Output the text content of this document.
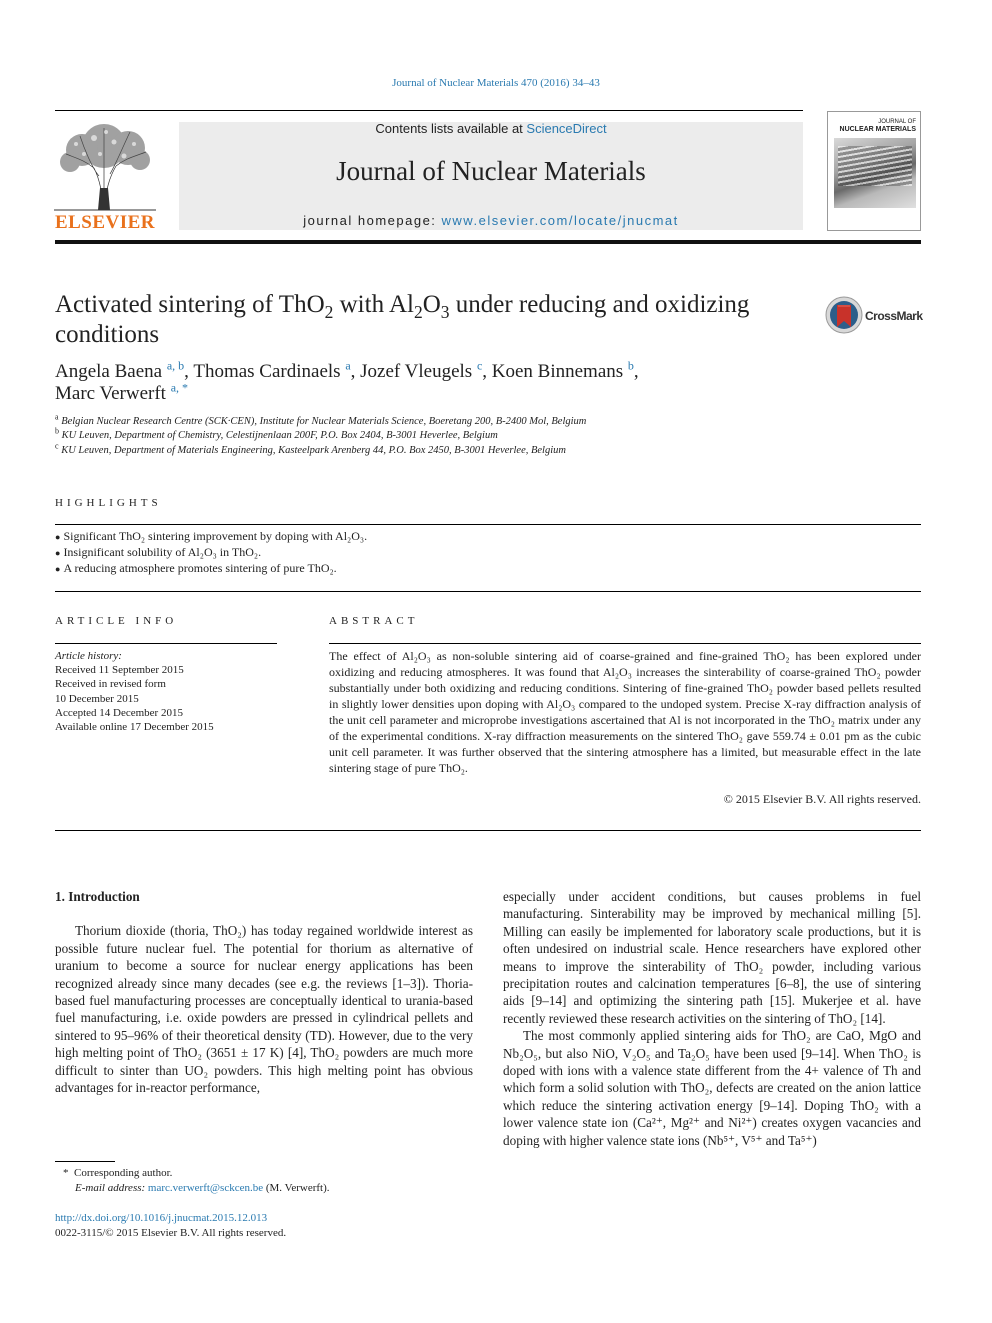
Journal of Nuclear Materials 470 (2016) 34–43
ELSEVIER
Contents lists available at ScienceDirect
Journal of Nuclear Materials
journal homepage: www.elsevier.com/locate/jnucmat
JOURNAL OF
NUCLEAR MATERIALS
Activated sintering of ThO$_2$ with $Al_2O_3$ under reducing and oxidizing conditions
CrossMark
Angela Baena $^{a, b}$, Thomas Cardinaels $^a$, Jozef Vleugels $^c$, Koen Binnemans $^b$,
Marc Verwerft $^{a, *}$
$^a$ Belgian Nuclear Research Centre (SCK·CEN), Institute for Nuclear Materials Science, Boeretang 200, B-2400 Mol, Belgium
$^b$ KU Leuven, Department of Chemistry, Celestijnenlaan 200F, P.O. Box 2404, B-3001 Heverlee, Belgium
$^c$ KU Leuven, Department of Materials Engineering, Kasteelpark Arenberg 44, P.O. Box 2450, B-3001 Heverlee, Belgium
HIGHLIGHTS
● Significant ThO₂ sintering improvement by doping with Al₂O₃.
● Insignificant solubility of Al₂O₃ in ThO₂.
● A reducing atmosphere promotes sintering of pure ThO₂.
ARTICLE INFO	ABSTRACT
Article history:
Received 11 September 2015
Received in revised form
10 December 2015
Accepted 14 December 2015
Available online 17 December 2015
The effect of Al₂O₃ as non-soluble sintering aid of coarse-grained and fine-grained ThO₂ has been explored under oxidizing and reducing atmospheres. It was found that Al₂O₃ increases the sinterability of coarse-grained ThO₂ powder substantially under both oxidizing and reducing conditions. Sintering of fine-grained ThO₂ powder based pellets resulted in slightly lower densities upon doping with Al₂O₃ compared to the undoped system. Precise X-ray diffraction analysis of the unit cell parameter and microprobe investigations ascertained that Al is not incorporated in the ThO₂ matrix under any of the experimental conditions. X-ray diffraction measurements on the sintered ThO₂ gave 559.74 ± 0.01 pm as the cubic unit cell parameter. It was further observed that the sintering atmosphere has a limited, but measurable effect in the late sintering stage of pure ThO₂.
© 2015 Elsevier B.V. All rights reserved.
1. Introduction

Thorium dioxide (thoria, ThO₂) has today regained worldwide interest as possible future nuclear fuel. The potential for thorium as alternative of uranium to become a source for nuclear energy applications has been recognized already since many decades (see e.g. the reviews [1–3]). Thoria-based fuel manufacturing processes are conceptually identical to urania-based fuel manufacturing, i.e. oxide powders are pressed in cylindrical pellets and sintered to 95–96% of their theoretical density (TD). However, due to the very high melting point of ThO₂ (3651 ± 17 K) [4], ThO₂ powders are much more difficult to sinter than UO₂ powders. This high melting point has obvious advantages for in-reactor performance,

especially under accident conditions, but causes problems in fuel manufacturing. Sinterability may be improved by mechanical milling [5]. Milling can easily be implemented for laboratory scale productions, but it is often undesired on industrial scale. Hence researchers have explored other means to improve the sinterability of ThO₂ powder, including various precipitation routes and calcination temperatures [6–8], the use of sintering aids [9–14] and optimizing the sintering path [15]. Mukerjee et al. have recently reviewed these research activities on the sintering of ThO₂ [14].

The most commonly applied sintering aids for ThO₂ are CaO, MgO and Nb₂O₅, but also NiO, V₂O₅ and Ta₂O₅ have been used [9–14]. When ThO₂ is doped with ions with a valence state different from the 4+ valence of Th and which form a solid solution with ThO₂, defects are created on the anion lattice which reduce the sintering activation energy [9–14]. Doping ThO₂ with a lower valence state ion (Ca²⁺, Mg²⁺ and Ni²⁺) creates oxygen vacancies and doping with higher valence state ions (Nb⁵⁺, V⁵⁺ and Ta⁵⁺)

* Corresponding author.
E-mail address: marc.verwerft@sckcen.be (M. Verwerft).
http://dx.doi.org/10.1016/j.jnucmat.2015.12.013
0022-3115/© 2015 Elsevier B.V. All rights reserved.
